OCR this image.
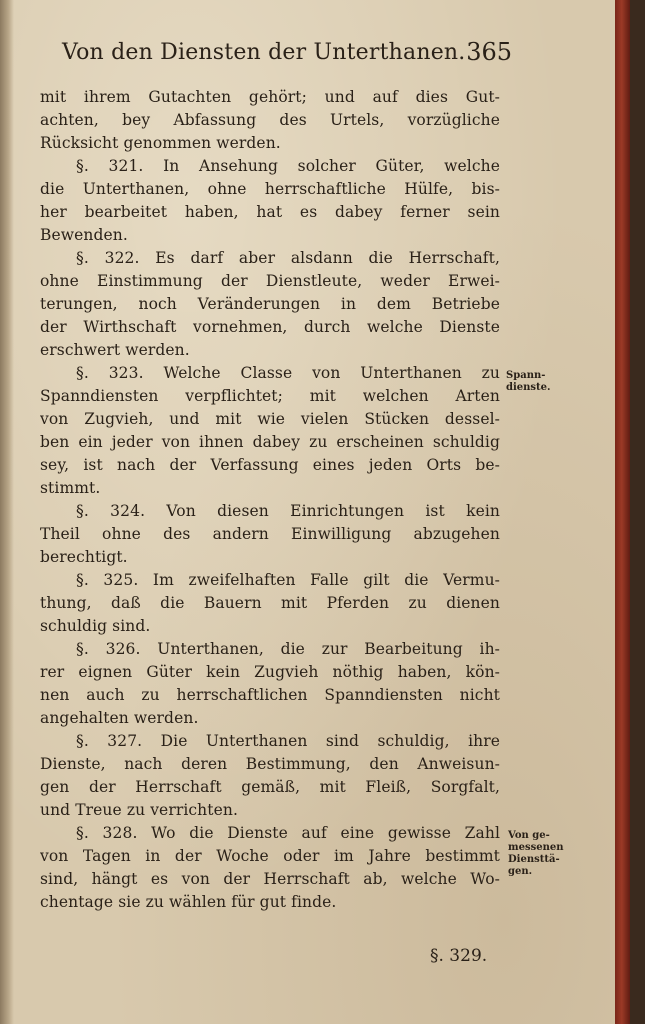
Von den Diensten der Unterthanen. 365
mit ihrem Gutachten gehört; und auf dies Gut-
achten, bey Abfassung des Urtels, vorzügliche
Rücksicht genommen werden.
§. 321. In Ansehung solcher Güter, welche
die Unterthanen, ohne herrschaftliche Hülfe, bis-
her bearbeitet haben, hat es dabey ferner sein
Bewenden.
§. 322. Es darf aber alsdann die Herrschaft,
ohne Einstimmung der Dienstleute, weder Erwei-
terungen, noch Veränderungen in dem Betriebe
der Wirthschaft vornehmen, durch welche Dienste
erschwert werden.
§. 323. Welche Classe von Unterthanen zu
Spanndiensten verpflichtet; mit welchen Arten
von Zugvieh, und mit wie vielen Stücken dessel-
ben ein jeder von ihnen dabey zu erscheinen schuldig
sey, ist nach der Verfassung eines jeden Orts be-
stimmt.
§. 324. Von diesen Einrichtungen ist kein
Theil ohne des andern Einwilligung abzugehen
berechtigt.
§. 325. Im zweifelhaften Falle gilt die Vermu-
thung, daß die Bauern mit Pferden zu dienen
schuldig sind.
§. 326. Unterthanen, die zur Bearbeitung ih-
rer eignen Güter kein Zugvieh nöthig haben, kön-
nen auch zu herrschaftlichen Spanndiensten nicht
angehalten werden.
§. 327. Die Unterthanen sind schuldig, ihre
Dienste, nach deren Bestimmung, den Anweisun-
gen der Herrschaft gemäß, mit Fleiß, Sorgfalt,
und Treue zu verrichten.
§. 328. Wo die Dienste auf eine gewisse Zahl
von Tagen in der Woche oder im Jahre bestimmt
sind, hängt es von der Herrschaft ab, welche Wo-
chentage sie zu wählen für gut finde.
Spann-
dienste.
Von ge-
messenen
Diensttä-
gen.
§. 329.
